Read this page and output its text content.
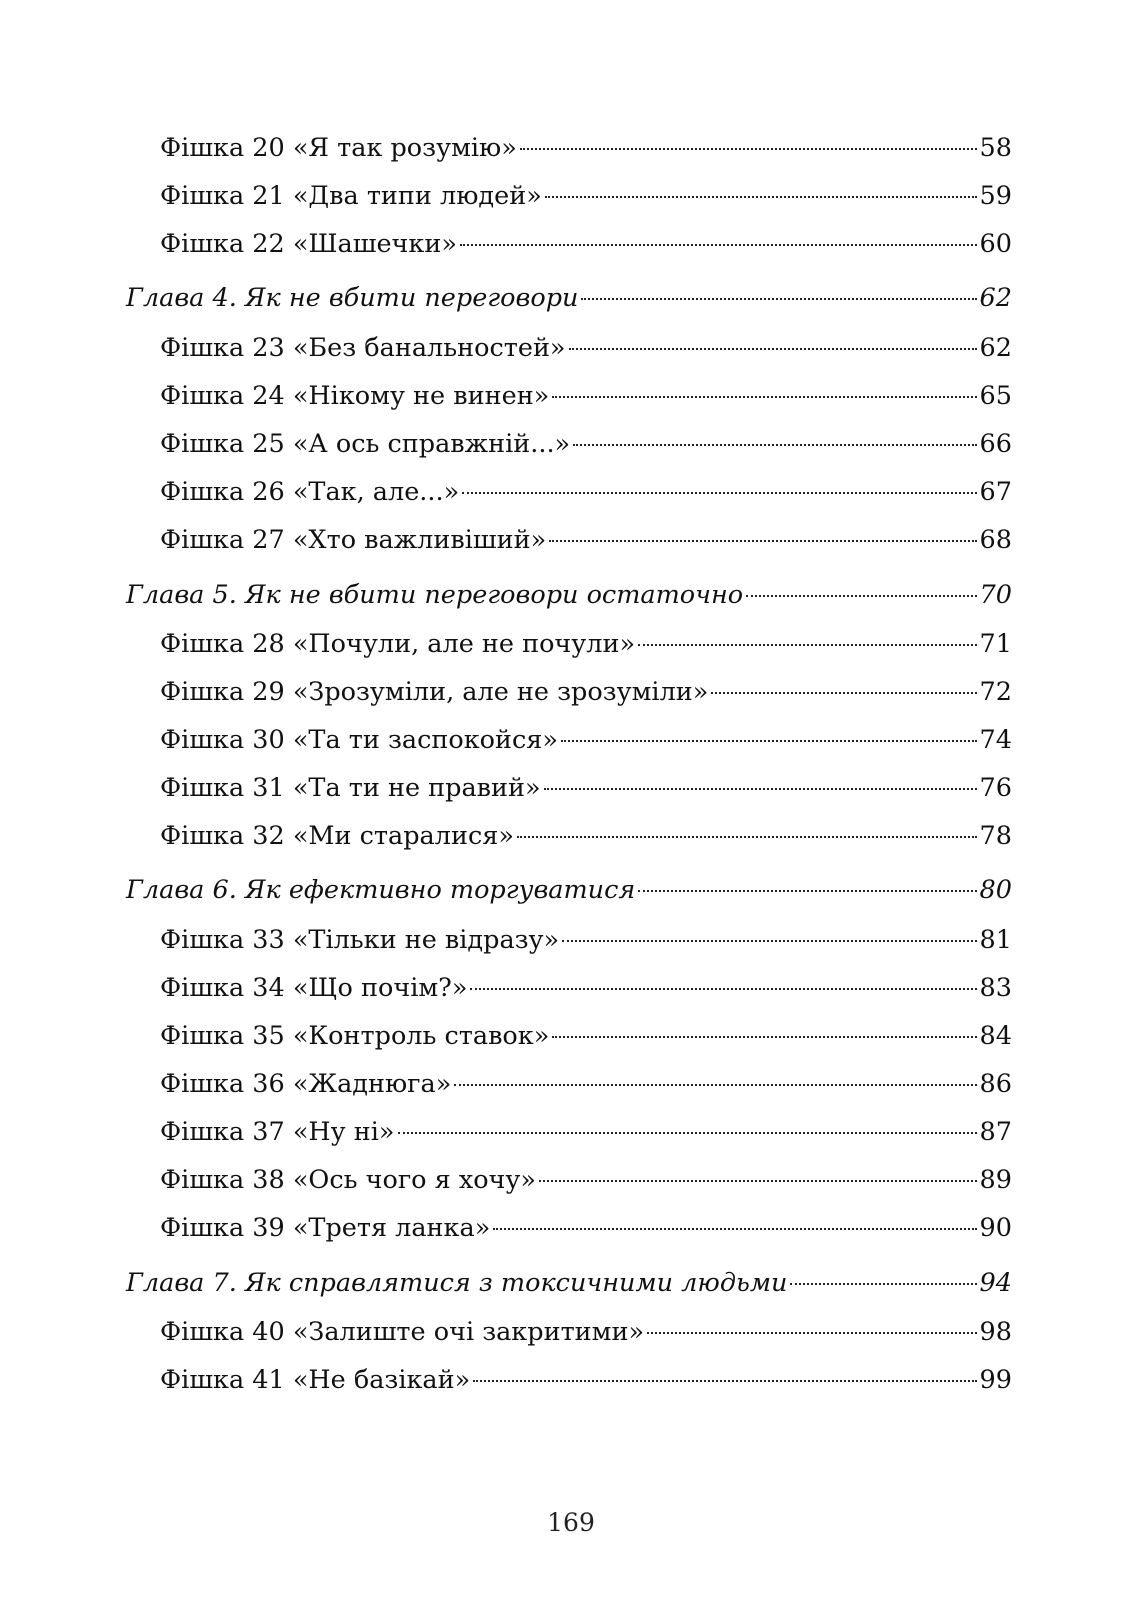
Фішка 20 «Я так розумію»	58
Фішка 21 «Два типи людей»	59
Фішка 22 «Шашечки»	60
Глава 4. Як не вбити переговори	62
Фішка 23 «Без банальностей»	62
Фішка 24 «Нікому не винен»	65
Фішка 25 «А ось справжній...»	66
Фішка 26 «Так, але...»	67
Фішка 27 «Хто важливіший»	68
Глава 5. Як не вбити переговори остаточно	70
Фішка 28 «Почули, але не почули»	71
Фішка 29 «Зрозуміли, але не зрозуміли»	72
Фішка 30 «Та ти заспокойся»	74
Фішка 31 «Та ти не правий»	76
Фішка 32 «Ми старалися»	78
Глава 6. Як ефективно торгуватися	80
Фішка 33 «Тільки не відразу»	81
Фішка 34 «Що почім?»	83
Фішка 35 «Контроль ставок»	84
Фішка 36 «Жаднюга»	86
Фішка 37 «Ну ні»	87
Фішка 38 «Ось чого я хочу»	89
Фішка 39 «Третя ланка»	90
Глава 7. Як справлятися з токсичними людьми	94
Фішка 40 «Залиште очі закритими»	98
Фішка 41 «Не базікай»	99
169
